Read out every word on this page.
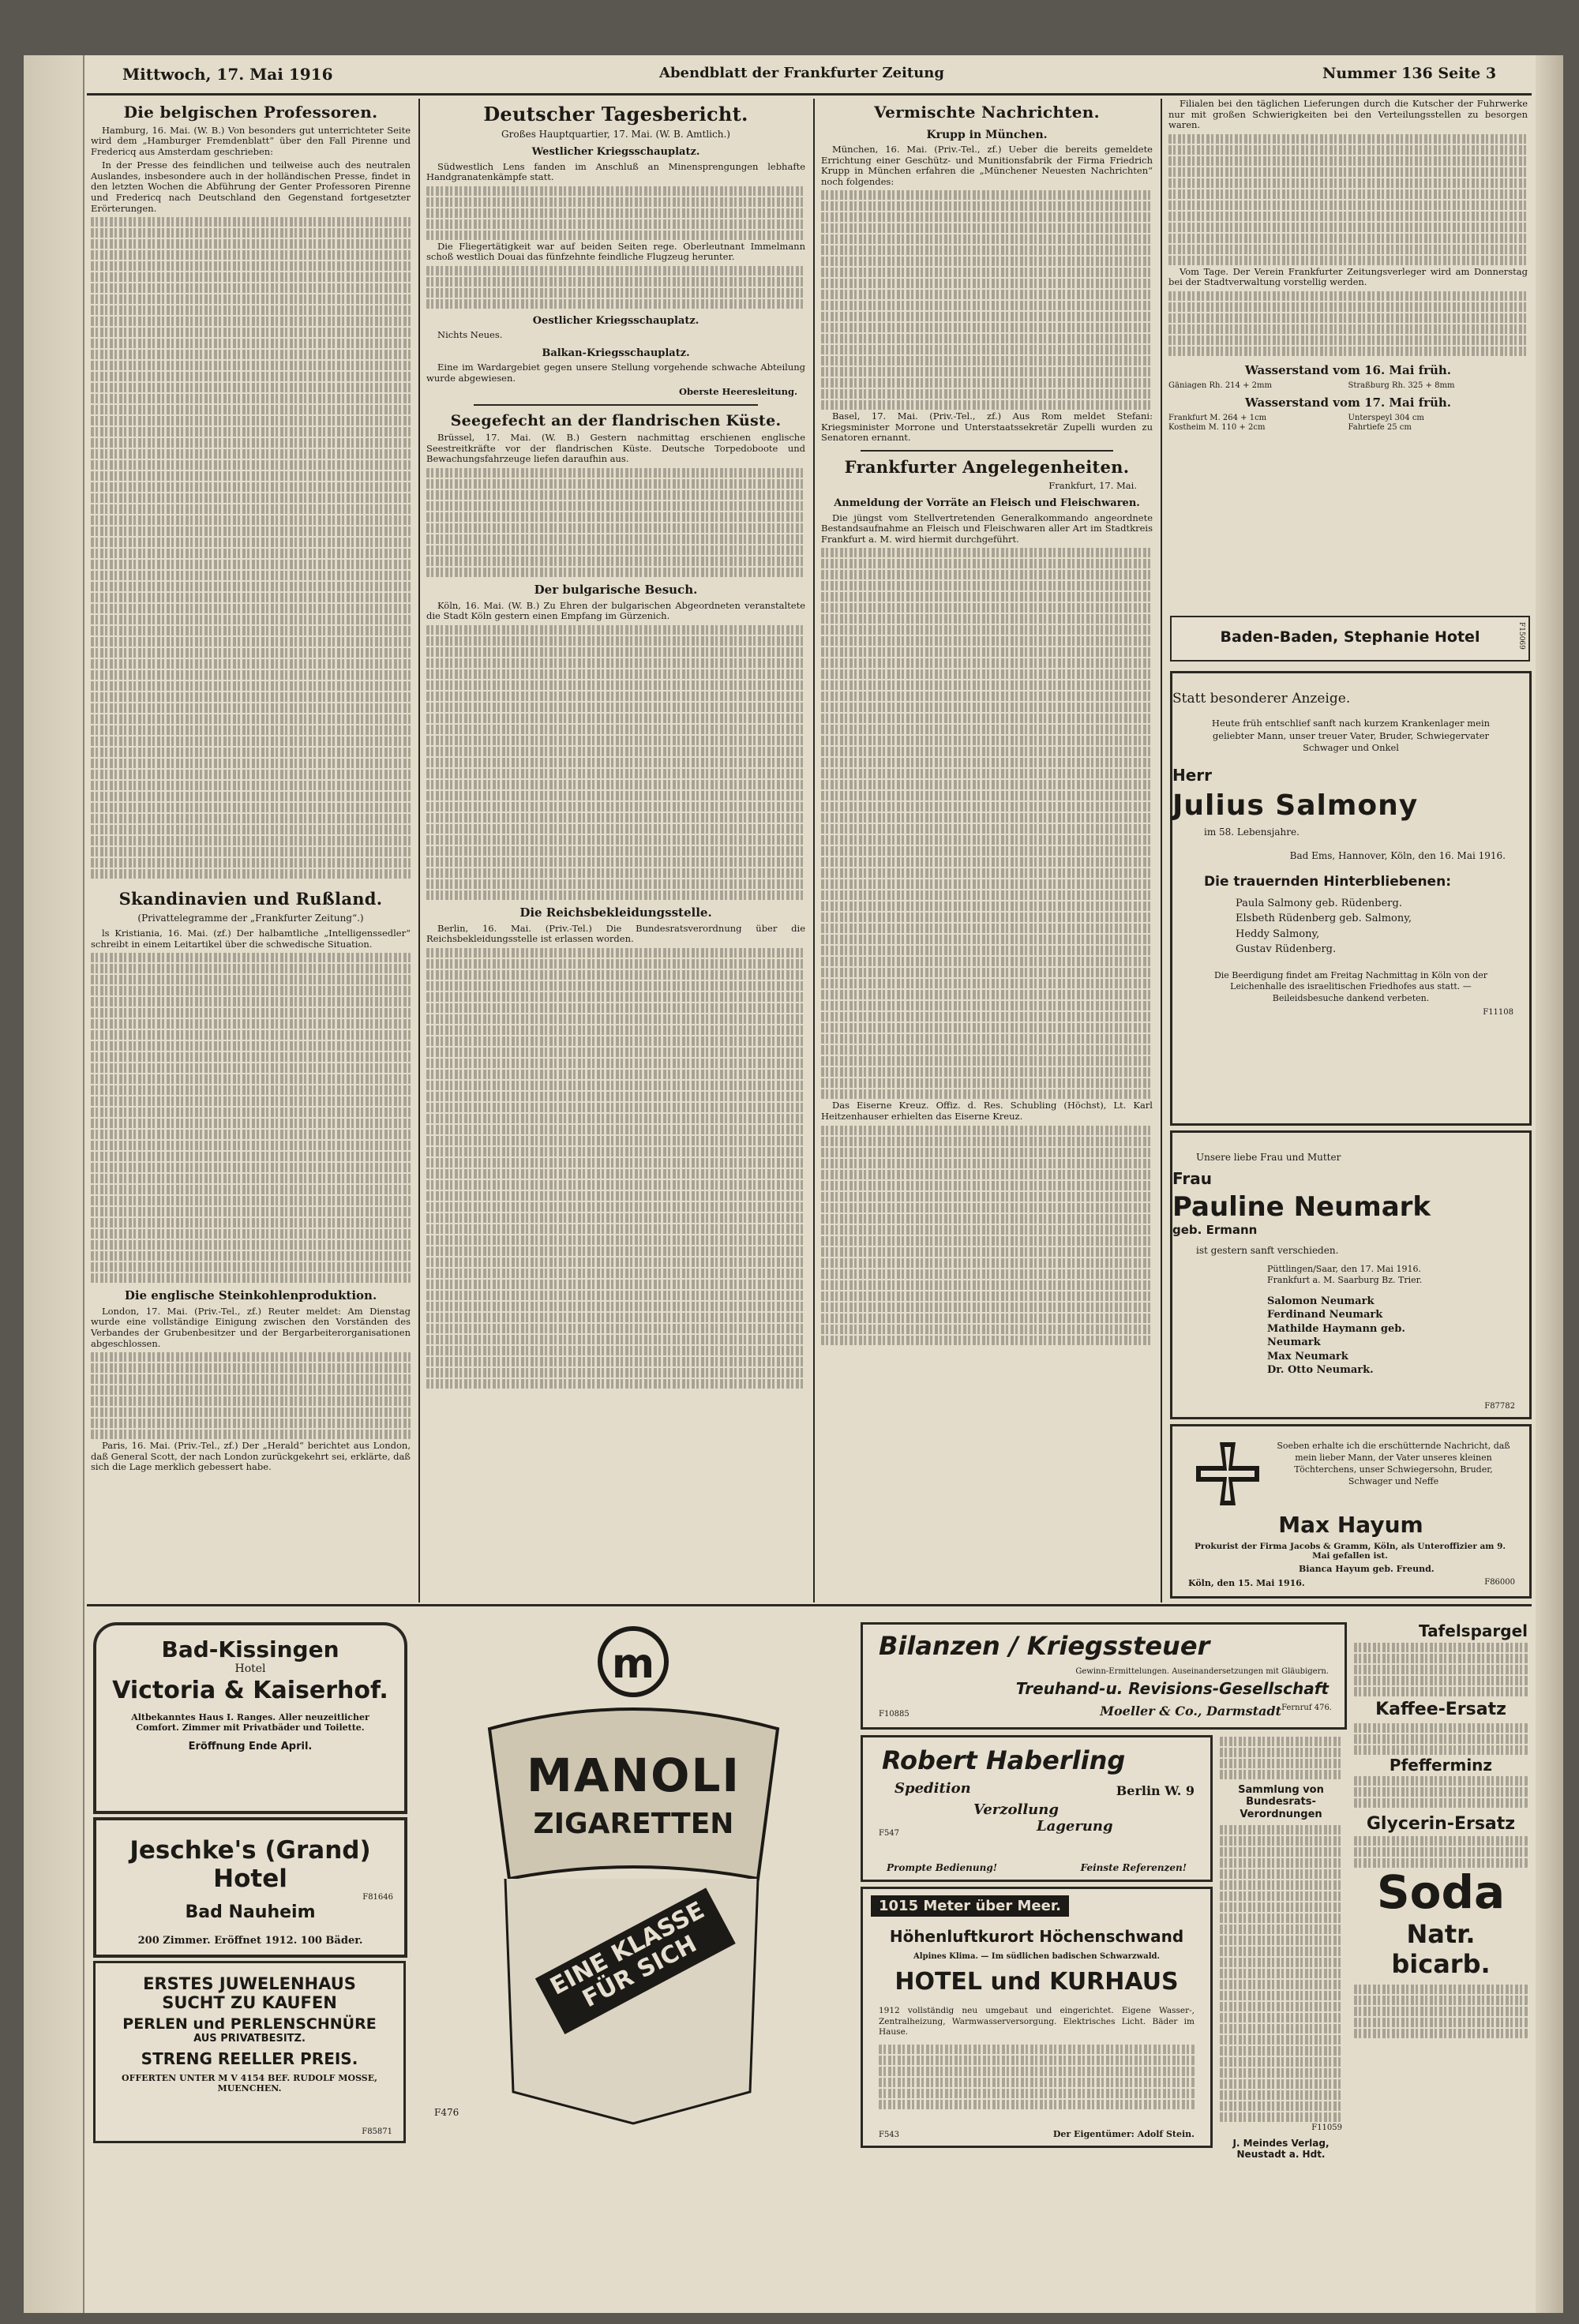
Mittwoch, 17. Mai 1916	Abendblatt der Frankfurter Zeitung	Nummer 136 Seite 3
Die belgischen Professoren.

Hamburg, 16. Mai. (W. B.) Von besonders gut unterrichteter Seite wird dem „Hamburger Fremdenblatt“ über den Fall Pirenne und Fredericq aus Amsterdam geschrieben:

In der Presse des feindlichen und teilweise auch des neutralen Auslandes, insbesondere auch in der holländischen Presse, findet in den letzten Wochen die Abführung der Genter Professoren Pirenne und Fredericq nach Deutschland den Gegenstand fortgesetzter Erörterungen.

Skandinavien und Rußland.
(Privattelegramme der „Frankfurter Zeitung“.)

ls Kristiania, 16. Mai. (zf.) Der halbamtliche „Intelligenssedler“ schreibt in einem Leitartikel über die schwedische Situation.

Die englische Steinkohlenproduktion.

London, 17. Mai. (Priv.-Tel., zf.) Reuter meldet: Am Dienstag wurde eine vollständige Einigung zwischen den Vorständen des Verbandes der Grubenbesitzer und der Bergarbeiterorganisationen abgeschlossen.

Paris, 16. Mai. (Priv.-Tel., zf.) Der „Herald“ berichtet aus London, daß General Scott, der nach London zurückgekehrt sei, erklärte, daß sich die Lage merklich gebessert habe.

Deutscher Tagesbericht.
Großes Hauptquartier, 17. Mai. (W. B. Amtlich.)
Westlicher Kriegsschauplatz.

Südwestlich Lens fanden im Anschluß an Minensprengungen lebhafte Handgranatenkämpfe statt.

Die Fliegertätigkeit war auf beiden Seiten rege. Oberleutnant Immelmann schoß westlich Douai das fünfzehnte feindliche Flugzeug herunter.

Oestlicher Kriegsschauplatz.

Nichts Neues.

Balkan-Kriegsschauplatz.

Eine im Wardargebiet gegen unsere Stellung vorgehende schwache Abteilung wurde abgewiesen.

Oberste Heeresleitung.
Seegefecht an der flandrischen Küste.

Brüssel, 17. Mai. (W. B.) Gestern nachmittag erschienen englische Seestreitkräfte vor der flandrischen Küste. Deutsche Torpedoboote und Bewachungsfahrzeuge liefen daraufhin aus.

Der bulgarische Besuch.

Köln, 16. Mai. (W. B.) Zu Ehren der bulgarischen Abgeordneten veranstaltete die Stadt Köln gestern einen Empfang im Gürzenich.

Die Reichsbekleidungsstelle.

Berlin, 16. Mai. (Priv.-Tel.) Die Bundesratsverordnung über die Reichsbekleidungsstelle ist erlassen worden.

Vermischte Nachrichten.
Krupp in München.

München, 16. Mai. (Priv.-Tel., zf.) Ueber die bereits gemeldete Errichtung einer Geschütz- und Munitionsfabrik der Firma Friedrich Krupp in München erfahren die „Münchener Neuesten Nachrichten“ noch folgendes:

Basel, 17. Mai. (Priv.-Tel., zf.) Aus Rom meldet Stefani: Kriegsminister Morrone und Unterstaatssekretär Zupelli wurden zu Senatoren ernannt.

Frankfurter Angelegenheiten.
Frankfurt, 17. Mai.
Anmeldung der Vorräte an Fleisch und Fleischwaren.

Die jüngst vom Stellvertretenden Generalkommando angeordnete Bestandsaufnahme an Fleisch und Fleischwaren aller Art im Stadtkreis Frankfurt a. M. wird hiermit durchgeführt.

Das Eiserne Kreuz. Offiz. d. Res. Schubling (Höchst), Lt. Karl Heitzenhauser erhielten das Eiserne Kreuz.

Filialen bei den täglichen Lieferungen durch die Kutscher der Fuhrwerke nur mit großen Schwierigkeiten bei den Verteilungsstellen zu besorgen waren.

Vom Tage. Der Verein Frankfurter Zeitungsverleger wird am Donnerstag bei der Stadtverwaltung vorstellig werden.

Wasserstand vom 16. Mai früh.
Gäniagen Rh. 214 + 2mm	Straßburg Rh. 325 + 8mm
Wasserstand vom 17. Mai früh.
Frankfurt M. 264 + 1cm	Unterspeyl 304 cm
Kostheim M. 110 + 2cm	Fahrtiefe 25 cm
Baden-Baden, Stephanie Hotel	F15069
Statt besonderer Anzeige.
Heute früh entschlief sanft nach kurzem Krankenlager mein geliebter Mann, unser treuer Vater, Bruder, Schwiegervater Schwager und Onkel
Herr
Julius Salmony
im 58. Lebensjahre.
Bad Ems, Hannover, Köln, den 16. Mai 1916.
Die trauernden Hinterbliebenen:
Paula Salmony geb. Rüdenberg.
Elsbeth Rüdenberg geb. Salmony,
Heddy Salmony,
Gustav Rüdenberg.
Die Beerdigung findet am Freitag Nachmittag in Köln von der Leichenhalle des israelitischen Friedhofes aus statt. — Beileidsbesuche dankend verbeten.
F11108
Unsere liebe Frau und Mutter
Frau
Pauline Neumark
geb. Ermann
ist gestern sanft verschieden.
Püttlingen/Saar, den 17. Mai 1916. Frankfurt a. M. Saarburg Bz. Trier.
Salomon Neumark
Ferdinand Neumark
Mathilde Haymann geb. Neumark
Max Neumark
Dr. Otto Neumark.
F87782
Soeben erhalte ich die erschütternde Nachricht, daß mein lieber Mann, der Vater unseres kleinen Töchterchens, unser Schwiegersohn, Bruder, Schwager und Neffe
Max Hayum
Prokurist der Firma Jacobs & Gramm, Köln, als Unteroffizier am 9. Mai gefallen ist.
Bianca Hayum geb. Freund.
Köln, den 15. Mai 1916.	F86000
Bad-Kissingen
Hotel
Victoria & Kaiserhof.
Altbekanntes Haus I. Ranges. Aller neuzeitlicher Comfort. Zimmer mit Privatbäder und Toilette.
Eröffnung Ende April.
Jeschke's (Grand) Hotel
Bad Nauheim
F81646
200 Zimmer. Eröffnet 1912. 100 Bäder.
ERSTES JUWELENHAUS
SUCHT ZU KAUFEN
PERLEN und PERLENSCHNÜRE
AUS PRIVATBESITZ.
STRENG REELLER PREIS.
OFFERTEN UNTER M V 4154 BEF. RUDOLF MOSSE, MUENCHEN.
F85871
m
F476
MANOLI
ZIGARETTEN
EINE KLASSE FÜR SICH
Bilanzen / Kriegssteuer
Gewinn-Ermittelungen. Auseinandersetzungen mit Gläubigern.
Treuhand-u. Revisions-Gesellschaft
Moeller & Co., Darmstadt Fernruf 476.
F10885
Robert Haberling
Berlin W. 9
Spedition
Verzollung
Lagerung
F547
Prompte Bedienung!	Feinste Referenzen!
1015 Meter über Meer.
Höhenluftkurort Höchenschwand
Alpines Klima. — Im südlichen badischen Schwarzwald.
HOTEL und KURHAUS
1912 vollständig neu umgebaut und eingerichtet. Eigene Wasser-, Zentralheizung, Warmwasserversorgung. Elektrisches Licht. Bäder im Hause.
F543	Der Eigentümer: Adolf Stein.
Sammlung von Bundesrats-Verordnungen
F11059
J. Meindes Verlag, Neustadt a. Hdt.
Tafelspargel
Kaffee-Ersatz
Pfefferminz
Glycerin-Ersatz
Soda
Natr. bicarb.
